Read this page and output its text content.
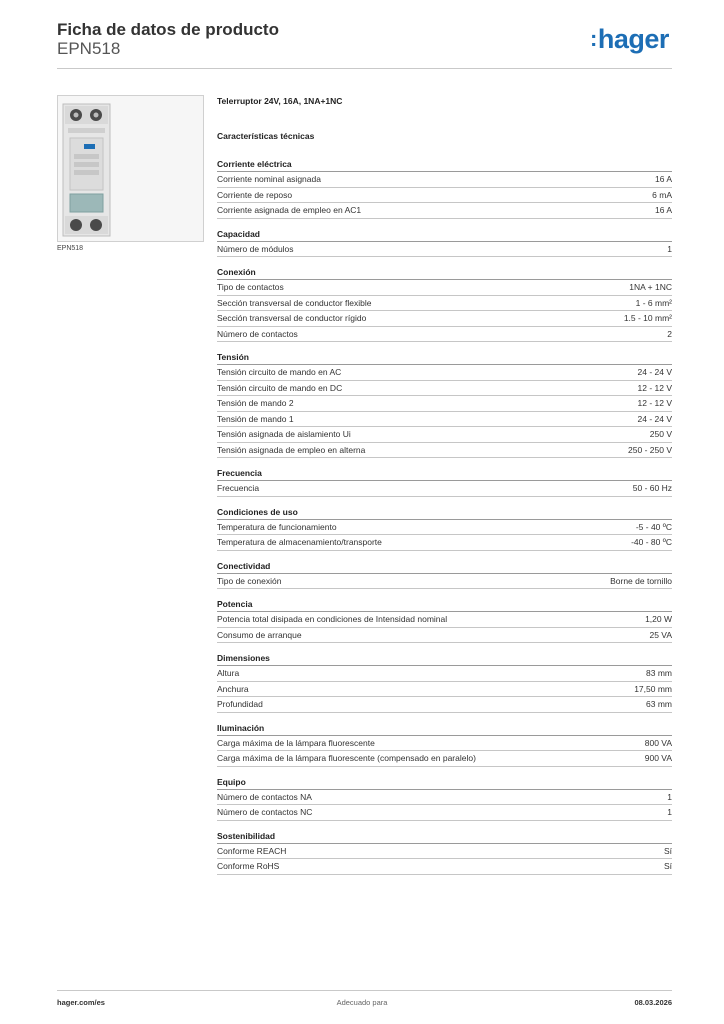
Ficha de datos de producto
EPN518	:hager
EPN518
Telerruptor 24V, 16A, 1NA+1NC
Características técnicas
Corriente eléctrica
Corriente nominal asignada	16 A
Corriente de reposo	6 mA
Corriente asignada de empleo en AC1	16 A
Capacidad
Número de módulos	1
Conexión
Tipo de contactos	1NA + 1NC
Sección transversal de conductor flexible	1 - 6 mm²
Sección transversal de conductor rígido	1.5 - 10 mm²
Número de contactos	2
Tensión
Tensión circuito de mando en AC	24 - 24 V
Tensión circuito de mando en DC	12 - 12 V
Tensión de mando 2	12 - 12 V
Tensión de mando 1	24 - 24 V
Tensión asignada de aislamiento Ui	250 V
Tensión asignada de empleo en alterna	250 - 250 V
Frecuencia
Frecuencia	50 - 60 Hz
Condiciones de uso
Temperatura de funcionamiento	-5 - 40 ºC
Temperatura de almacenamiento/transporte	-40 - 80 ºC
Conectividad
Tipo de conexión	Borne de tornillo
Potencia
Potencia total disipada en condiciones de Intensidad nominal	1,20 W
Consumo de arranque	25 VA
Dimensiones
Altura	83 mm
Anchura	17,50 mm
Profundidad	63 mm
Iluminación
Carga máxima de la lámpara fluorescente	800 VA
Carga máxima de la lámpara fluorescente (compensado en paralelo)	900 VA
Equipo
Número de contactos NA	1
Número de contactos NC	1
Sostenibilidad
Conforme REACH	Sí
Conforme RoHS	Sí
hager.com/es	Adecuado para	08.03.2026
